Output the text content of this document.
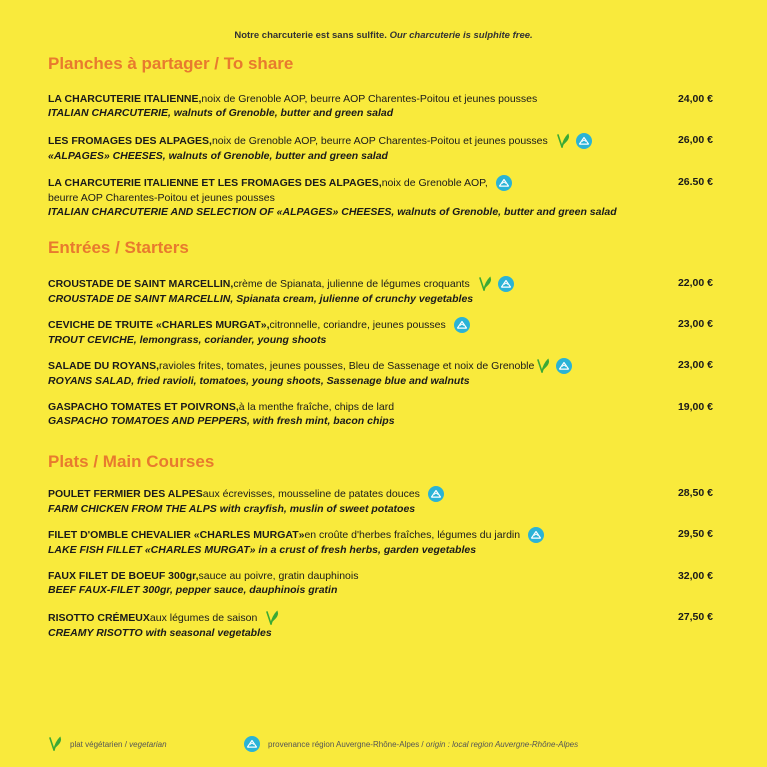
Notre charcuterie est sans sulfite. Our charcuterie is sulphite free.
Planches à partager / To share
LA CHARCUTERIE ITALIENNE, noix de Grenoble AOP, beurre AOP Charentes-Poitou et jeunes pousses
ITALIAN CHARCUTERIE, walnuts of Grenoble, butter and green salad
24,00 €
LES FROMAGES DES ALPAGES, noix de Grenoble AOP, beurre AOP Charentes-Poitou et jeunes pousses
«ALPAGES» CHEESES, walnuts of Grenoble, butter and green salad
26,00 €
LA CHARCUTERIE ITALIENNE ET LES FROMAGES DES ALPAGES, noix de Grenoble AOP,
beurre AOP Charentes-Poitou et jeunes pousses
ITALIAN CHARCUTERIE AND SELECTION OF «ALPAGES» CHEESES, walnuts of Grenoble, butter and green salad
26.50 €
Entrées / Starters
CROUSTADE DE SAINT MARCELLIN, crème de Spianata, julienne de légumes croquants
CROUSTADE DE SAINT MARCELLIN, Spianata cream, julienne of crunchy vegetables
22,00 €
CEVICHE DE TRUITE «CHARLES MURGAT», citronnelle, coriandre, jeunes pousses
TROUT CEVICHE, lemongrass, coriander, young shoots
23,00 €
SALADE DU ROYANS, ravioles frites, tomates, jeunes pousses, Bleu de Sassenage et noix de Grenoble
ROYANS SALAD, fried ravioli, tomatoes, young shoots, Sassenage blue and walnuts
23,00 €
GASPACHO TOMATES ET POIVRONS, à la menthe fraîche, chips de lard
GASPACHO TOMATOES AND PEPPERS, with fresh mint, bacon chips
19,00 €
Plats / Main Courses
POULET FERMIER DES ALPES aux écrevisses, mousseline de patates douces
FARM CHICKEN FROM THE ALPS with crayfish, muslin of sweet potatoes
28,50 €
FILET D'OMBLE CHEVALIER «CHARLES MURGAT» en croûte d'herbes fraîches, légumes du jardin
LAKE FISH FILLET «CHARLES MURGAT» in a crust of fresh herbs, garden vegetables
29,50 €
FAUX FILET DE BOEUF 300gr, sauce au poivre, gratin dauphinois
BEEF FAUX-FILET 300gr, pepper sauce, dauphinois gratin
32,00 €
RISOTTO CRÉMEUX aux légumes de saison
CREAMY RISOTTO with seasonal vegetables
27,50 €
plat végétarien / vegetarian	provenance région Auvergne-Rhône-Alpes / origin : local region Auvergne-Rhône-Alpes
